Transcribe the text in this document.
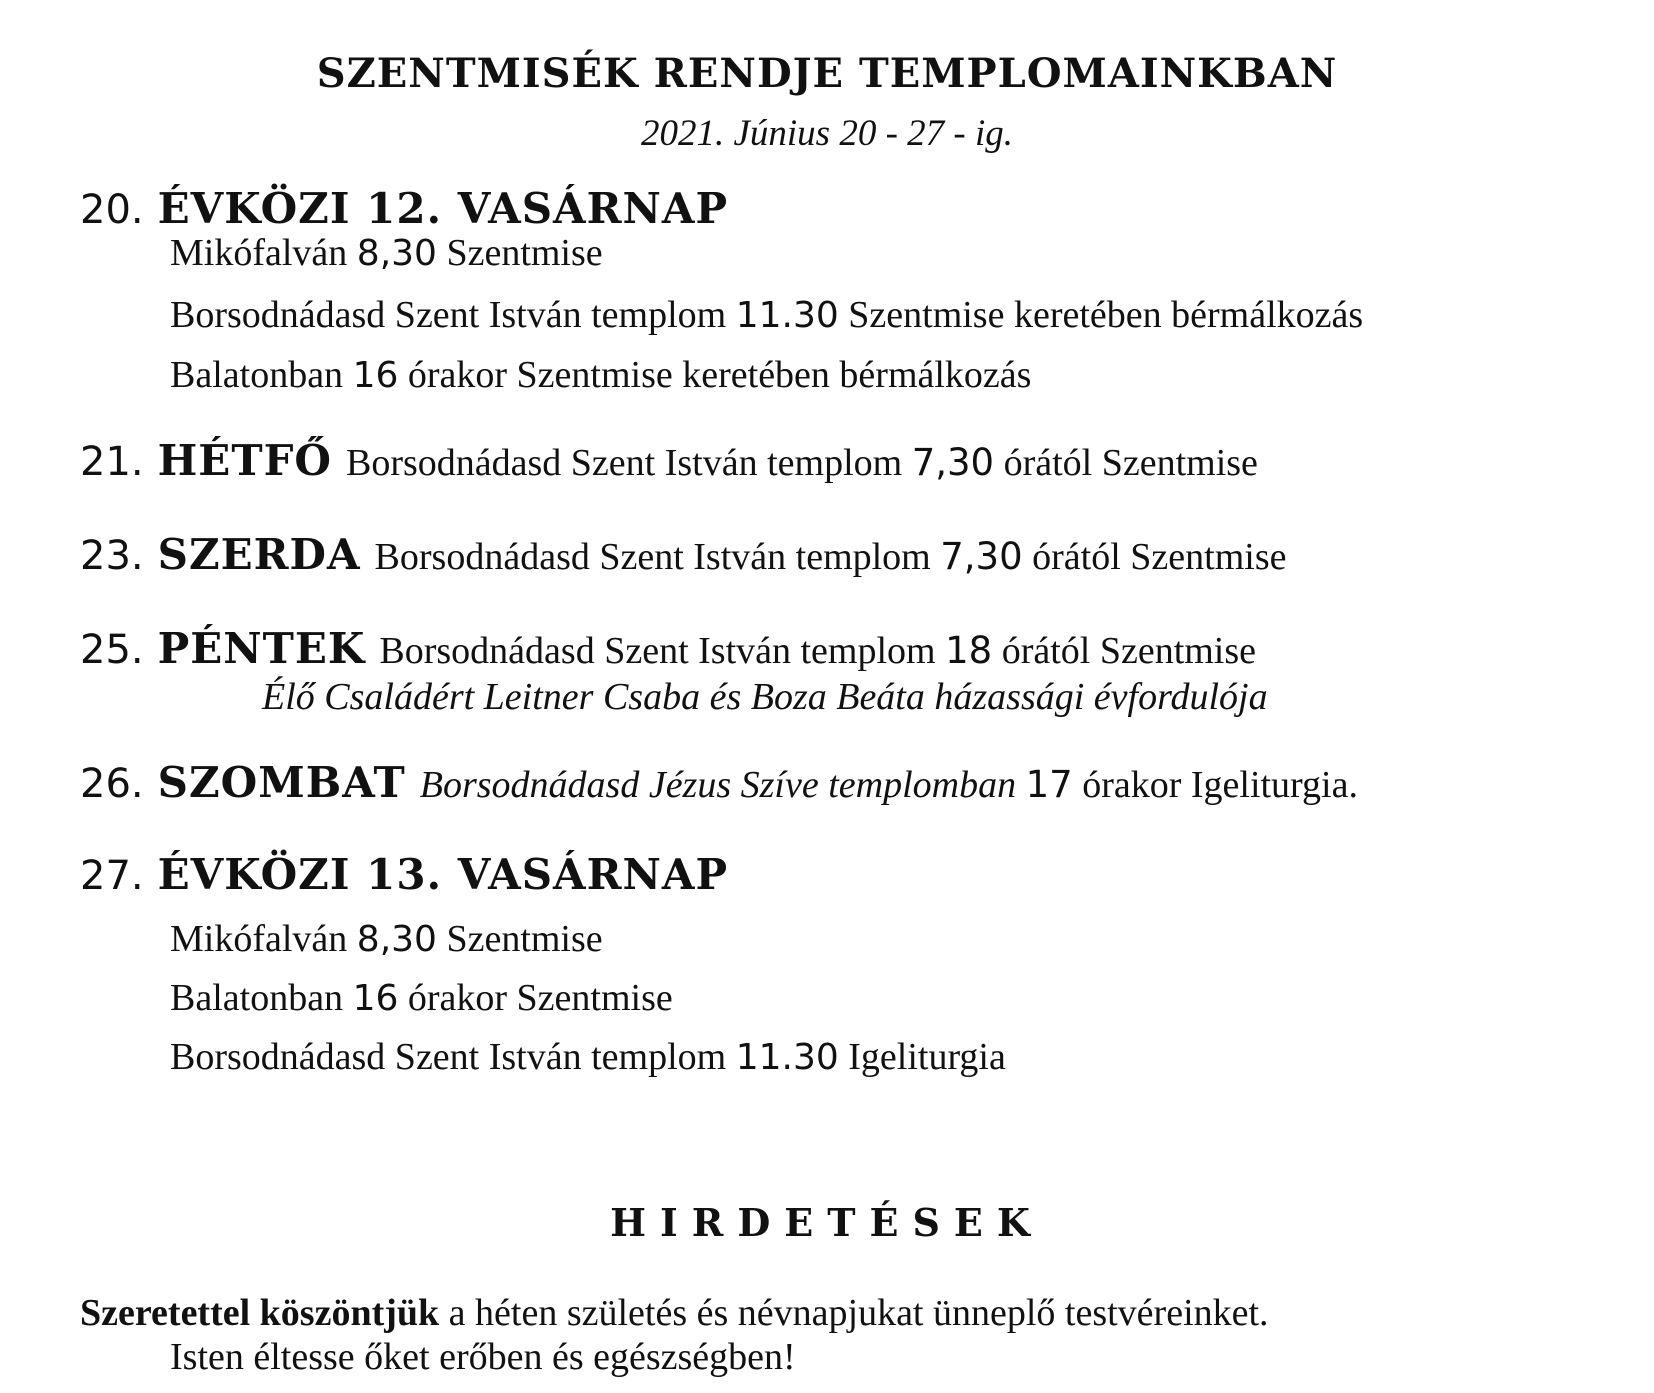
SZENTMISÉK RENDJE TEMPLOMAINKBAN
2021. Június 20 - 27 - ig.
20. ÉVKÖZI 12. VASÁRNAP
Mikófalván 8,30 Szentmise
Borsodnádasd Szent István templom 11.30 Szentmise keretében bérmálkozás
Balatonban 16 órakor Szentmise keretében bérmálkozás
21. HÉTFŐ Borsodnádasd Szent István templom 7,30 órától Szentmise
23. SZERDA Borsodnádasd Szent István templom 7,30 órától Szentmise
25. PÉNTEK Borsodnádasd Szent István templom 18 órától Szentmise
Élő Családért Leitner Csaba és Boza Beáta házassági évfordulója
26. SZOMBAT Borsodnádasd Jézus Szíve templomban 17 órakor Igeliturgia.
27. ÉVKÖZI 13. VASÁRNAP
Mikófalván 8,30 Szentmise
Balatonban 16 órakor Szentmise
Borsodnádasd Szent István templom 11.30 Igeliturgia
HIRDETÉSEK
Szeretettel köszöntjük a héten születés és névnapjukat ünneplő testvéreinket.
Isten éltesse őket erőben és egészségben!
